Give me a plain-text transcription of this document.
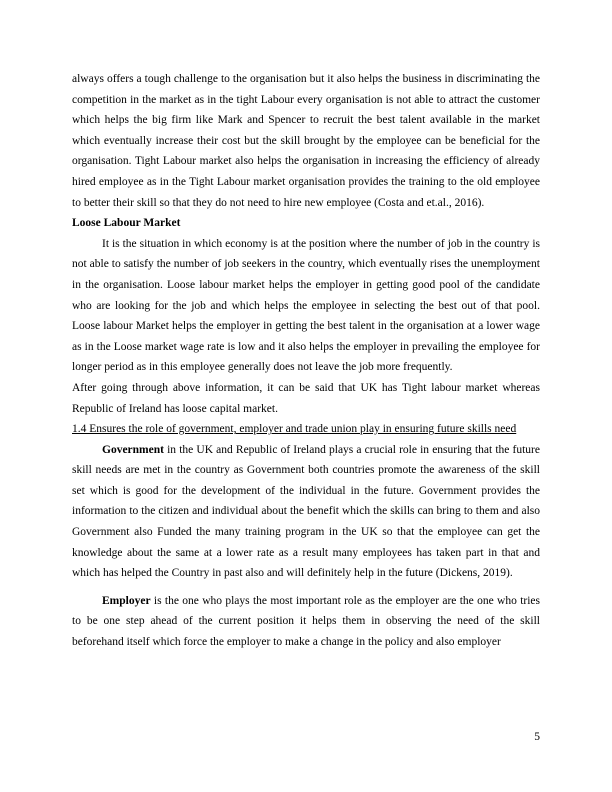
always offers a tough challenge to the organisation but it also helps the business in discriminating the competition in the market as in the tight Labour every organisation is not able to attract the customer which helps the big firm like Mark and Spencer to recruit the best talent available in the market which eventually increase their cost but the skill brought by the employee can be beneficial for the organisation. Tight Labour market also helps the organisation in increasing the efficiency of already hired employee as in the Tight Labour market organisation provides the training to the old employee to better their skill so that they do not need to hire new employee (Costa and et.al., 2016).

Loose Labour Market

It is the situation in which economy is at the position where the number of job in the country is not able to satisfy the number of job seekers in the country, which eventually rises the unemployment in the organisation. Loose labour market helps the employer in getting good pool of the candidate who are looking for the job and which helps the employee in selecting the best out of that pool. Loose labour Market helps the employer in getting the best talent in the organisation at a lower wage as in the Loose market wage rate is low and it also helps the employer in prevailing the employee for longer period as in this employee generally does not leave the job more frequently.

After going through above information, it can be said that UK has Tight labour market whereas Republic of Ireland has loose capital market.

1.4 Ensures the role of government, employer and trade union play in ensuring future skills need

Government in the UK and Republic of Ireland plays a crucial role in ensuring that the future skill needs are met in the country as Government both countries promote the awareness of the skill set which is good for the development of the individual in the future. Government provides the information to the citizen and individual about the benefit which the skills can bring to them and also Government also Funded the many training program in the UK so that the employee can get the knowledge about the same at a lower rate as a result many employees has taken part in that and which has helped the Country in past also and will definitely help in the future (Dickens, 2019).

Employer is the one who plays the most important role as the employer are the one who tries to be one step ahead of the current position it helps them in observing the need of the skill beforehand itself which force the employer to make a change in the policy and also employer

5
